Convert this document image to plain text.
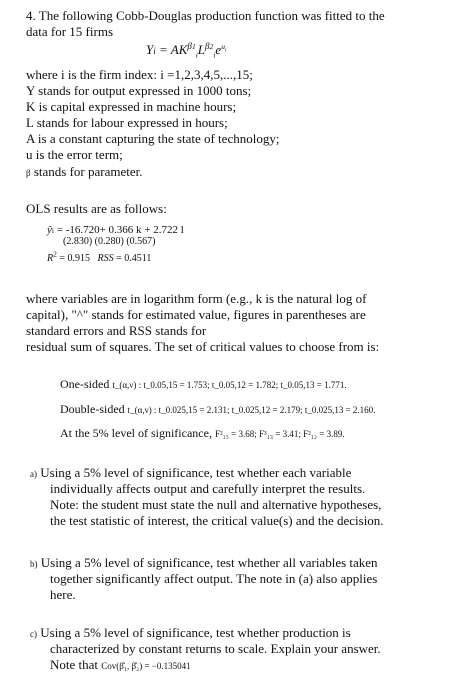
4. The following Cobb-Douglas production function was fitted to the
data for 15 firms
$Yi = AK^{\beta 1}_iL^{\beta 2}_ie^{u_i}$
where i is the firm index: i =1,2,3,4,5,...,15;
Y stands for output expressed in 1000 tons;
K is capital expressed in machine hours;
L stands for labour expressed in hours;
A is a constant capturing the state of technology;
u is the error term;
β stands for parameter.
OLS results are as follows:
ŷi = -16.720+ 0.366 k + 2.722 l
(2.830) (0.280) (0.567)
$R^2 = 0.915$ RSS = 0.4511
where variables are in logarithm form (e.g., k is the natural log of
capital), "^" stands for estimated value, figures in parentheses are
standard errors and RSS stands for
residual sum of squares. The set of critical values to choose from is:
One-sided t_(α,ν) : t_0.05,15 = 1.753; t_0.05,12 = 1.782; t_0.05,13 = 1.771.
Double-sided t_(α,ν) : t_0.025,15 = 2.131; t_0.025,12 = 2.179; t_0.025,13 = 2.160.
At the 5% level of significance, F²₁₅ = 3.68; F³₁₃ = 3.41; F²₁₂ = 3.89.
a) Using a 5% level of significance, test whether each variable
individually affects output and carefully interpret the results.
Note: the student must state the null and alternative hypotheses,
the test statistic of interest, the critical value(s) and the decision.
b) Using a 5% level of significance, test whether all variables taken
together significantly affect output. The note in (a) also applies
here.
c) Using a 5% level of significance, test whether production is
characterized by constant returns to scale. Explain your answer.
Note that Cov(β̂₁, β̂₂) = −0.135041
